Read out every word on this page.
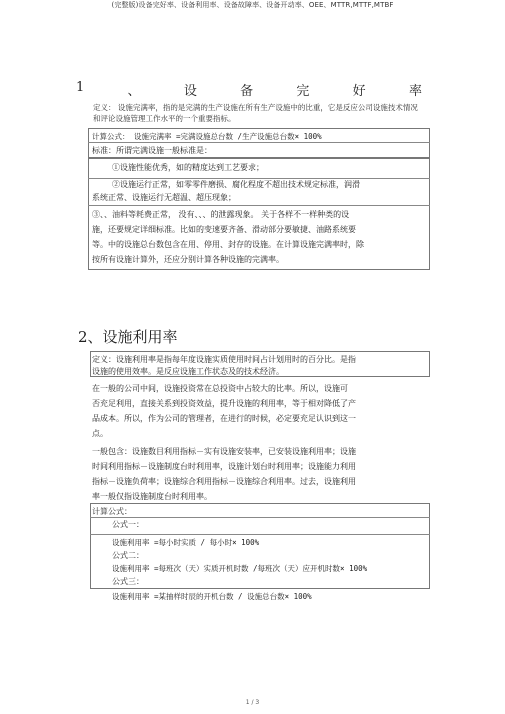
(完整版)设备完好率、设备利用率、设备故障率、设备开动率、OEE、MTTR,MTTF,MTBF
1	、	设	备	完	好	率
定义： 设施完满率，指的是完满的生产设施在所有生产设施中的比重，它是反应公司设施技术情况和评论设施管理工作水平的一个重要指标。
计算公式： 设施完满率 =完满设施总台数 /生产设施总台数× 100%
标准：所谓完满设施一般标准是：
①设施性能优秀，如的精度达到工艺要求；
②设施运行正常，如零零件磨损、腐化程度不超出技术规定标准，润滑
系统正常、设施运行无超温、超压现象；
③、、油料等耗费正常， 没有、、、的泄露现象。 关于各样不一样种类的设
施，还要规定详细标准。比如的变速要齐备、滑动部分要敏捷、油路系统要
等。中的设施总台数包含在用、停用、封存的设施。在计算设施完满率时，除
按所有设施计算外，还应分别计算各种设施的完满率。
2、设施利用率
定义：设施利用率是指每年度设施实质使用时间占计划用时的百分比。是指
设施的使用效率。是反应设施工作状态及的技术经济。
在一般的公司中间，设施投资常在总投资中占较大的比率。所以，设施可
否充足利用，直接关系到投资效益，提升设施的利用率，等于相对降低了产
品成本。所以，作为公司的管理者，在进行的时候，必定要充足认识到这一
点。
一般包含：设施数目利用指标－实有设施安装率，已安装设施利用率；设施
时间利用指标－设施制度台时利用率，设施计划台时利用率；设施能力利用
指标－设施负荷率；设施综合利用指标－设施综合利用率。过去，设施利用
率一般仅指设施制度台时利用率。
计算公式：
公式一：
设施利用率 =每小时实质 / 每小时× 100%
公式二：
设施利用率 =每班次（天）实质开机时数 /每班次（天）应开机时数× 100%
公式三：
设施利用率 =某抽样时辰的开机台数 / 设施总台数× 100%
1 / 3
